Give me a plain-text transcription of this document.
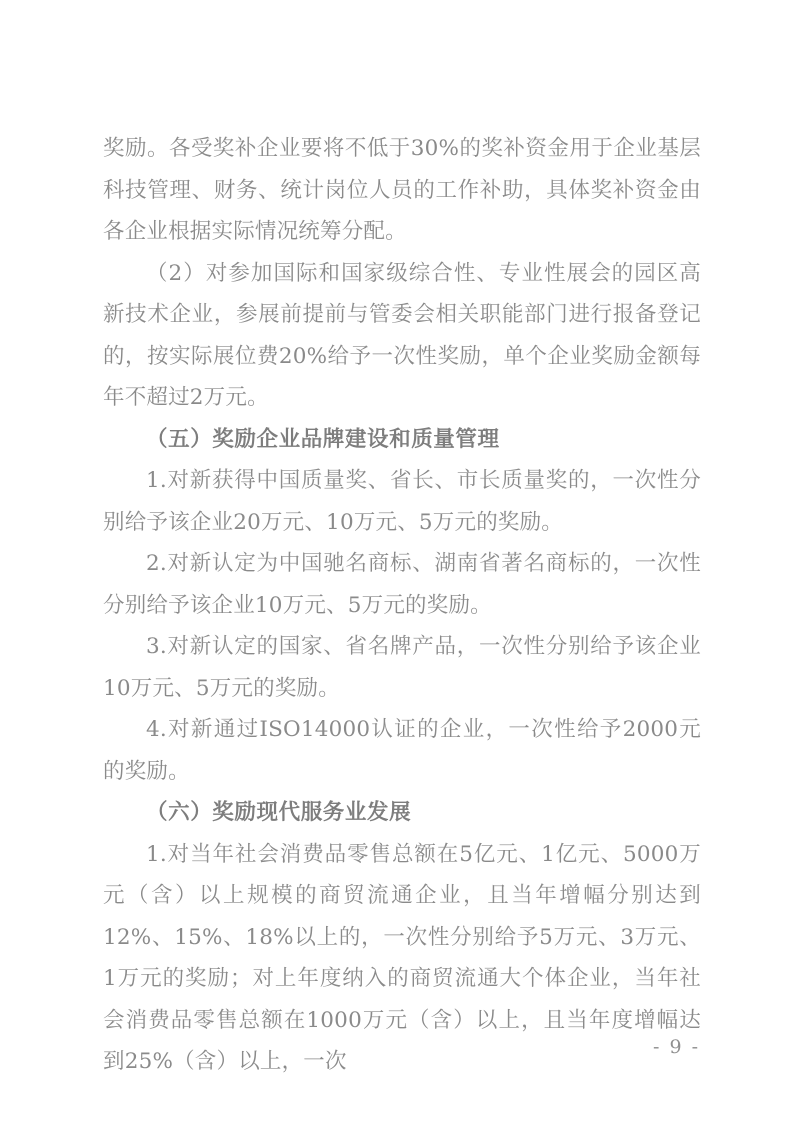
奖励。各受奖补企业要将不低于30%的奖补资金用于企业基层科技管理、财务、统计岗位人员的工作补助，具体奖补资金由各企业根据实际情况统筹分配。

（2）对参加国际和国家级综合性、专业性展会的园区高新技术企业，参展前提前与管委会相关职能部门进行报备登记的，按实际展位费20%给予一次性奖励，单个企业奖励金额每年不超过2万元。

（五）奖励企业品牌建设和质量管理

1.对新获得中国质量奖、省长、市长质量奖的，一次性分别给予该企业20万元、10万元、5万元的奖励。

2.对新认定为中国驰名商标、湖南省著名商标的，一次性分别给予该企业10万元、5万元的奖励。

3.对新认定的国家、省名牌产品，一次性分别给予该企业10万元、5万元的奖励。

4.对新通过ISO14000认证的企业，一次性给予2000元的奖励。

（六）奖励现代服务业发展

1.对当年社会消费品零售总额在5亿元、1亿元、5000万元（含）以上规模的商贸流通企业，且当年增幅分别达到12%、15%、18%以上的，一次性分别给予5万元、3万元、1万元的奖励；对上年度纳入的商贸流通大个体企业，当年社会消费品零售总额在1000万元（含）以上，且当年度增幅达到25%（含）以上，一次

- 9 -
